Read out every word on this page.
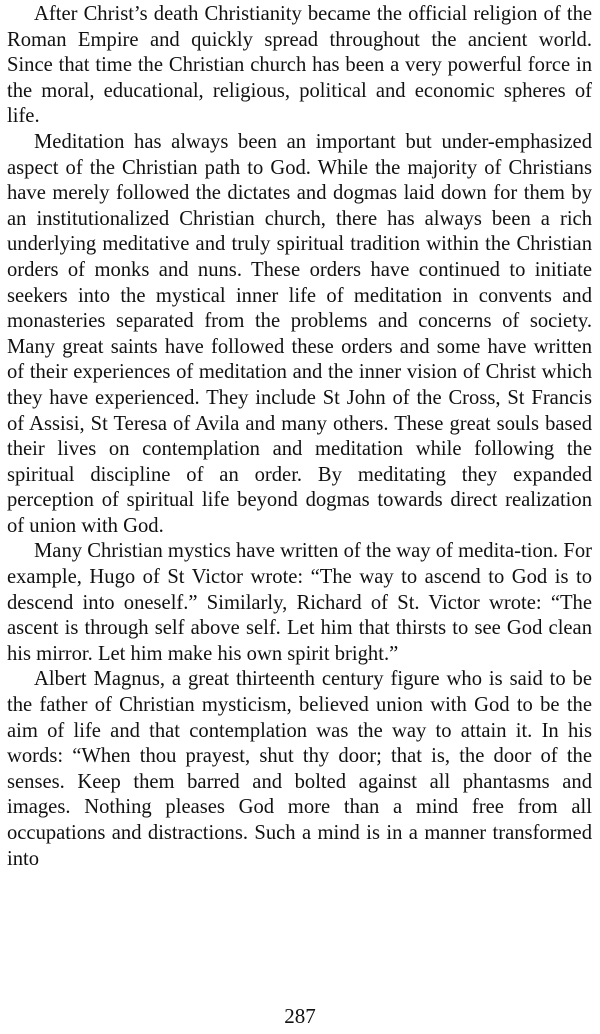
After Christ’s death Christianity became the official religion of the Roman Empire and quickly spread throughout the ancient world. Since that time the Christian church has been a very powerful force in the moral, educational, religious, political and economic spheres of life.

Meditation has always been an important but under-emphasized aspect of the Christian path to God. While the majority of Christians have merely followed the dictates and dogmas laid down for them by an institutionalized Christian church, there has always been a rich underlying meditative and truly spiritual tradition within the Christian orders of monks and nuns. These orders have continued to initiate seekers into the mystical inner life of meditation in convents and monasteries separated from the problems and concerns of society. Many great saints have followed these orders and some have written of their experiences of meditation and the inner vision of Christ which they have experienced. They include St John of the Cross, St Francis of Assisi, St Teresa of Avila and many others. These great souls based their lives on contemplation and meditation while following the spiritual discipline of an order. By meditating they expanded perception of spiritual life beyond dogmas towards direct realization of union with God.

Many Christian mystics have written of the way of medita-tion. For example, Hugo of St Victor wrote: “The way to ascend to God is to descend into oneself.” Similarly, Richard of St. Victor wrote: “The ascent is through self above self. Let him that thirsts to see God clean his mirror. Let him make his own spirit bright.”

Albert Magnus, a great thirteenth century figure who is said to be the father of Christian mysticism, believed union with God to be the aim of life and that contemplation was the way to attain it. In his words: “When thou prayest, shut thy door; that is, the door of the senses. Keep them barred and bolted against all phantasms and images. Nothing pleases God more than a mind free from all occupations and distractions. Such a mind is in a manner transformed into

287
